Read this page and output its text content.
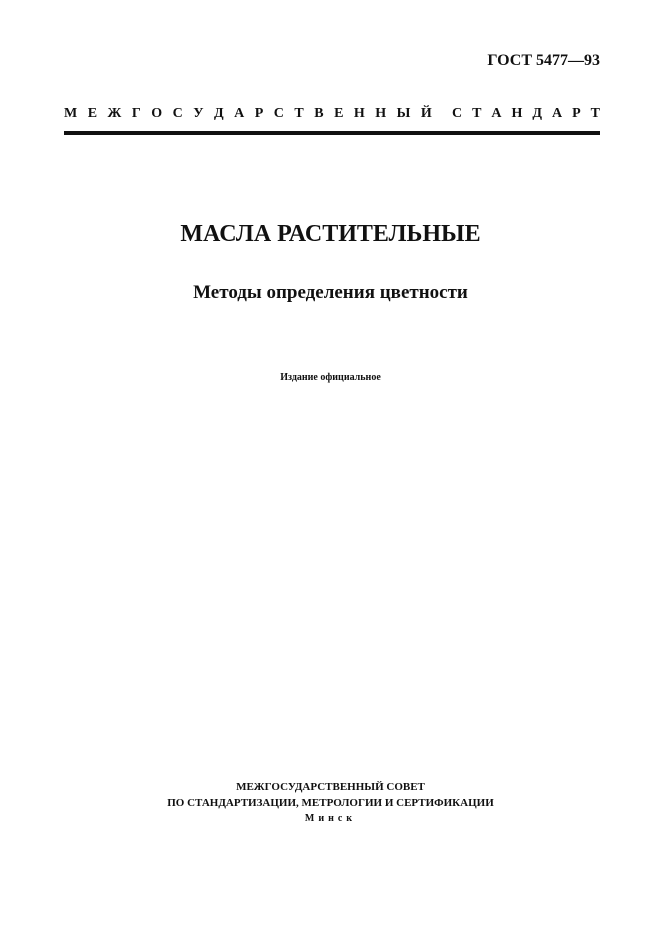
ГОСТ 5477—93
М Е Ж Г О С У Д А Р С Т В Е Н Н Ы Й С Т А Н Д А Р Т
МАСЛА РАСТИТЕЛЬНЫЕ
Методы определения цветности
Издание официальное
МЕЖГОСУДАРСТВЕННЫЙ СОВЕТ
ПО СТАНДАРТИЗАЦИИ, МЕТРОЛОГИИ И СЕРТИФИКАЦИИ
Минск
